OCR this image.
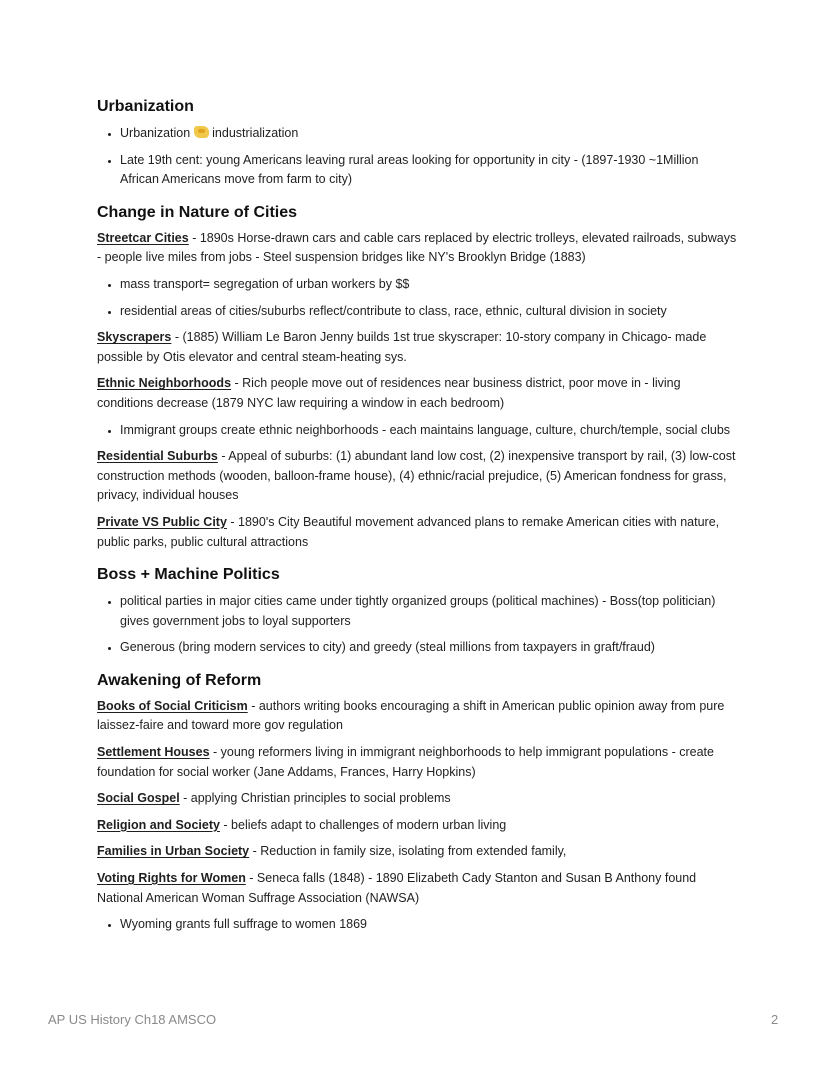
Urbanization
• Urbanization industrialization
• Late 19th cent: young Americans leaving rural areas looking for opportunity in city - (1897-1930 ~1Million African Americans move from farm to city)
Change in Nature of Cities

Streetcar Cities - 1890s Horse-drawn cars and cable cars replaced by electric trolleys, elevated railroads, subways - people live miles from jobs - Steel suspension bridges like NY's Brooklyn Bridge (1883)

• mass transport= segregation of urban workers by $$
• residential areas of cities/suburbs reflect/contribute to class, race, ethnic, cultural division in society

Skyscrapers - (1885) William Le Baron Jenny builds 1st true skyscraper: 10-story company in Chicago- made possible by Otis elevator and central steam-heating sys.

Ethnic Neighborhoods - Rich people move out of residences near business district, poor move in - living conditions decrease (1879 NYC law requiring a window in each bedroom)

• Immigrant groups create ethnic neighborhoods - each maintains language, culture, church/temple, social clubs

Residential Suburbs - Appeal of suburbs: (1) abundant land low cost, (2) inexpensive transport by rail, (3) low-cost construction methods (wooden, balloon-frame house), (4) ethnic/racial prejudice, (5) American fondness for grass, privacy, individual houses

Private VS Public City - 1890's City Beautiful movement advanced plans to remake American cities with nature, public parks, public cultural attractions

Boss + Machine Politics
• political parties in major cities came under tightly organized groups (political machines) - Boss(top politician) gives government jobs to loyal supporters
• Generous (bring modern services to city) and greedy (steal millions from taxpayers in graft/fraud)
Awakening of Reform

Books of Social Criticism - authors writing books encouraging a shift in American public opinion away from pure laissez-faire and toward more gov regulation

Settlement Houses - young reformers living in immigrant neighborhoods to help immigrant populations - create foundation for social worker (Jane Addams, Frances, Harry Hopkins)

Social Gospel - applying Christian principles to social problems

Religion and Society - beliefs adapt to challenges of modern urban living

Families in Urban Society - Reduction in family size, isolating from extended family,

Voting Rights for Women - Seneca falls (1848) - 1890 Elizabeth Cady Stanton and Susan B Anthony found National American Woman Suffrage Association (NAWSA)

• Wyoming grants full suffrage to women 1869
AP US History Ch18 AMSCO	2
